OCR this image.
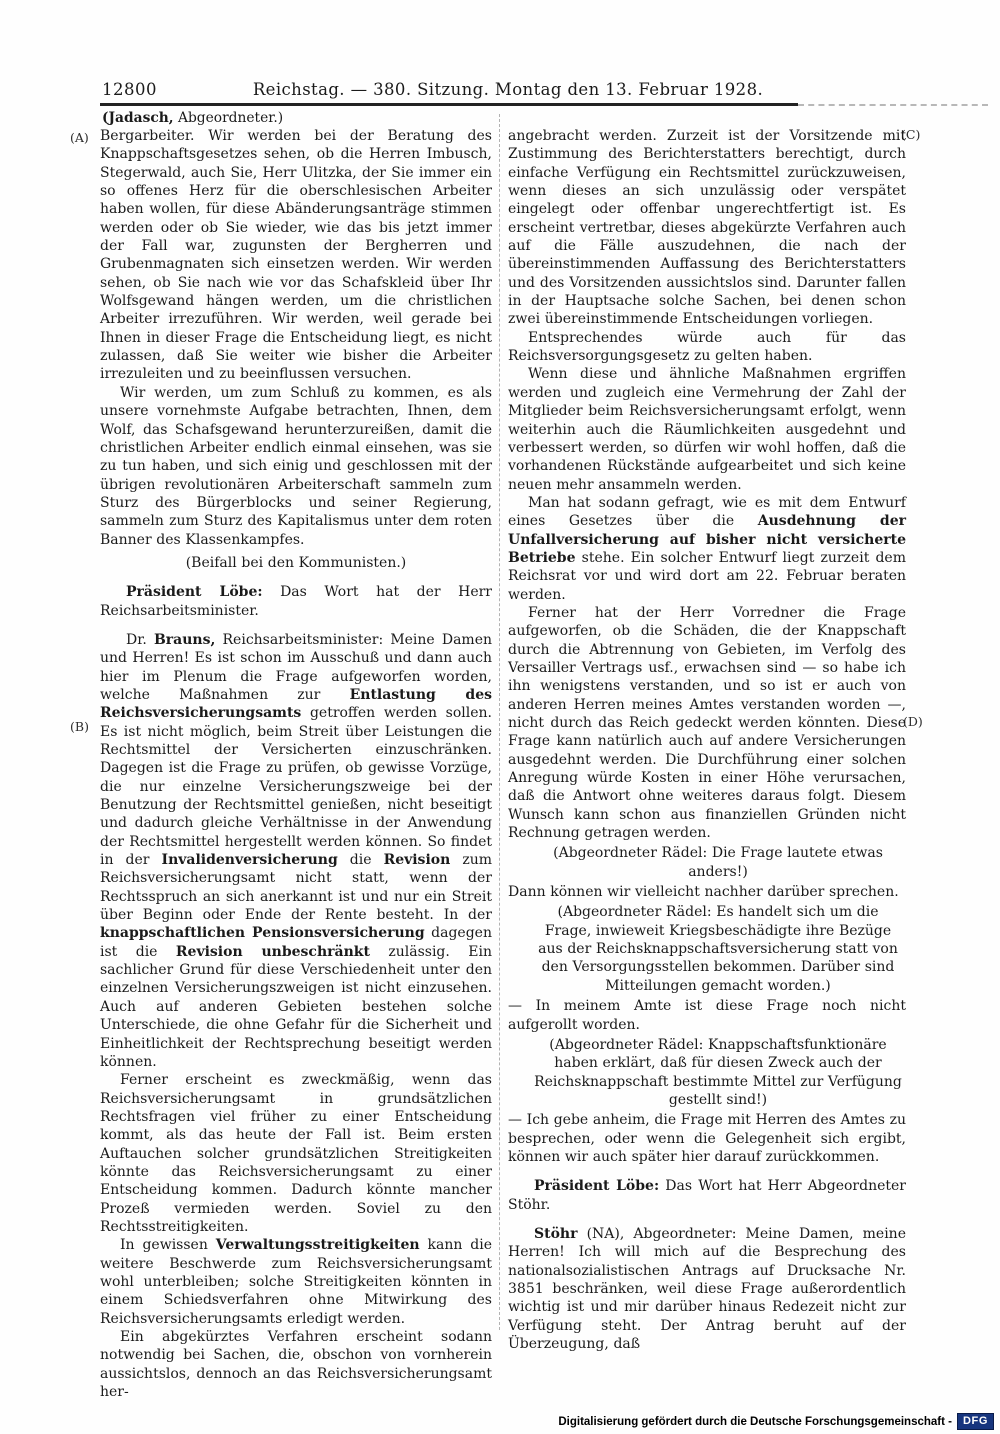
12800	Reichstag. — 380. Sitzung. Montag den 13. Februar 1928.
(Jadasch, Abgeordneter.)
(A)
(B)
(C)
(D)

Bergarbeiter. Wir werden bei der Beratung des Knappschaftsgesetzes sehen, ob die Herren Imbusch, Stegerwald, auch Sie, Herr Ulitzka, der Sie immer ein so offenes Herz für die oberschlesischen Arbeiter haben wollen, für diese Abänderungsanträge stimmen werden oder ob Sie wieder, wie das bis jetzt immer der Fall war, zugunsten der Bergherren und Grubenmagnaten sich einsetzen werden. Wir werden sehen, ob Sie nach wie vor das Schafskleid über Ihr Wolfsgewand hängen werden, um die christlichen Arbeiter irrezuführen. Wir werden, weil gerade bei Ihnen in dieser Frage die Entscheidung liegt, es nicht zulassen, daß Sie weiter wie bisher die Arbeiter irrezuleiten und zu beeinflussen versuchen.

Wir werden, um zum Schluß zu kommen, es als unsere vornehmste Aufgabe betrachten, Ihnen, dem Wolf, das Schafsgewand herunterzureißen, damit die christlichen Arbeiter endlich einmal einsehen, was sie zu tun haben, und sich einig und geschlossen mit der übrigen revolutionären Arbeiterschaft sammeln zum Sturz des Bürgerblocks und seiner Regierung, sammeln zum Sturz des Kapitalismus unter dem roten Banner des Klassenkampfes.

(Beifall bei den Kommunisten.)

Präsident Löbe: Das Wort hat der Herr Reichsarbeitsminister.

Dr. Brauns, Reichsarbeitsminister: Meine Damen und Herren! Es ist schon im Ausschuß und dann auch hier im Plenum die Frage aufgeworfen worden, welche Maßnahmen zur Entlastung des Reichsversicherungsamts getroffen werden sollen. Es ist nicht möglich, beim Streit über Leistungen die Rechtsmittel der Versicherten einzuschränken. Dagegen ist die Frage zu prüfen, ob gewisse Vorzüge, die nur einzelne Versicherungszweige bei der Benutzung der Rechtsmittel genießen, nicht beseitigt und dadurch gleiche Verhältnisse in der Anwendung der Rechtsmittel hergestellt werden können. So findet in der Invalidenversicherung die Revision zum Reichsversicherungsamt nicht statt, wenn der Rechtsspruch an sich anerkannt ist und nur ein Streit über Beginn oder Ende der Rente besteht. In der knappschaftlichen Pensionsversicherung dagegen ist die Revision unbeschränkt zulässig. Ein sachlicher Grund für diese Verschiedenheit unter den einzelnen Versicherungszweigen ist nicht einzusehen. Auch auf anderen Gebieten bestehen solche Unterschiede, die ohne Gefahr für die Sicherheit und Einheitlichkeit der Rechtsprechung beseitigt werden können.

Ferner erscheint es zweckmäßig, wenn das Reichsversicherungsamt in grundsätzlichen Rechtsfragen viel früher zu einer Entscheidung kommt, als das heute der Fall ist. Beim ersten Auftauchen solcher grundsätzlichen Streitigkeiten könnte das Reichsversicherungsamt zu einer Entscheidung kommen. Dadurch könnte mancher Prozeß vermieden werden. Soviel zu den Rechtsstreitigkeiten.

In gewissen Verwaltungsstreitigkeiten kann die weitere Beschwerde zum Reichsversicherungsamt wohl unterbleiben; solche Streitigkeiten könnten in einem Schiedsverfahren ohne Mitwirkung des Reichsversicherungsamts erledigt werden.

Ein abgekürztes Verfahren erscheint sodann notwendig bei Sachen, die, obschon von vornherein aussichtslos, dennoch an das Reichsversicherungsamt her-

angebracht werden. Zurzeit ist der Vorsitzende mit Zustimmung des Berichterstatters berechtigt, durch einfache Verfügung ein Rechtsmittel zurückzuweisen, wenn dieses an sich unzulässig oder verspätet eingelegt oder offenbar ungerechtfertigt ist. Es erscheint vertretbar, dieses abgekürzte Verfahren auch auf die Fälle auszudehnen, die nach der übereinstimmenden Auffassung des Berichterstatters und des Vorsitzenden aussichtslos sind. Darunter fallen in der Hauptsache solche Sachen, bei denen schon zwei übereinstimmende Entscheidungen vorliegen.

Entsprechendes würde auch für das Reichsversorgungsgesetz zu gelten haben.

Wenn diese und ähnliche Maßnahmen ergriffen werden und zugleich eine Vermehrung der Zahl der Mitglieder beim Reichsversicherungsamt erfolgt, wenn weiterhin auch die Räumlichkeiten ausgedehnt und verbessert werden, so dürfen wir wohl hoffen, daß die vorhandenen Rückstände aufgearbeitet und sich keine neuen mehr ansammeln werden.

Man hat sodann gefragt, wie es mit dem Entwurf eines Gesetzes über die Ausdehnung der Unfallversicherung auf bisher nicht versicherte Betriebe stehe. Ein solcher Entwurf liegt zurzeit dem Reichsrat vor und wird dort am 22. Februar beraten werden.

Ferner hat der Herr Vorredner die Frage aufgeworfen, ob die Schäden, die der Knappschaft durch die Abtrennung von Gebieten, im Verfolg des Versailler Vertrags usf., erwachsen sind — so habe ich ihn wenigstens verstanden, und so ist er auch von anderen Herren meines Amtes verstanden worden —, nicht durch das Reich gedeckt werden könnten. Diese Frage kann natürlich auch auf andere Versicherungen ausgedehnt werden. Die Durchführung einer solchen Anregung würde Kosten in einer Höhe verursachen, daß die Antwort ohne weiteres daraus folgt. Diesem Wunsch kann schon aus finanziellen Gründen nicht Rechnung getragen werden.

(Abgeordneter Rädel: Die Frage lautete etwas anders!)

Dann können wir vielleicht nachher darüber sprechen.

(Abgeordneter Rädel: Es handelt sich um die Frage, inwieweit Kriegsbeschädigte ihre Bezüge aus der Reichsknappschaftsversicherung statt von den Versorgungsstellen bekommen. Darüber sind Mitteilungen gemacht worden.)

— In meinem Amte ist diese Frage noch nicht aufgerollt worden.

(Abgeordneter Rädel: Knappschaftsfunktionäre haben erklärt, daß für diesen Zweck auch der Reichsknappschaft bestimmte Mittel zur Verfügung gestellt sind!)

— Ich gebe anheim, die Frage mit Herren des Amtes zu besprechen, oder wenn die Gelegenheit sich ergibt, können wir auch später hier darauf zurückkommen.

Präsident Löbe: Das Wort hat Herr Abgeordneter Stöhr.

Stöhr (NA), Abgeordneter: Meine Damen, meine Herren! Ich will mich auf die Besprechung des nationalsozialistischen Antrags auf Drucksache Nr. 3851 beschränken, weil diese Frage außerordentlich wichtig ist und mir darüber hinaus Redezeit nicht zur Verfügung steht. Der Antrag beruht auf der Überzeugung, daß

Digitalisierung gefördert durch die Deutsche Forschungsgemeinschaft -	DFG
